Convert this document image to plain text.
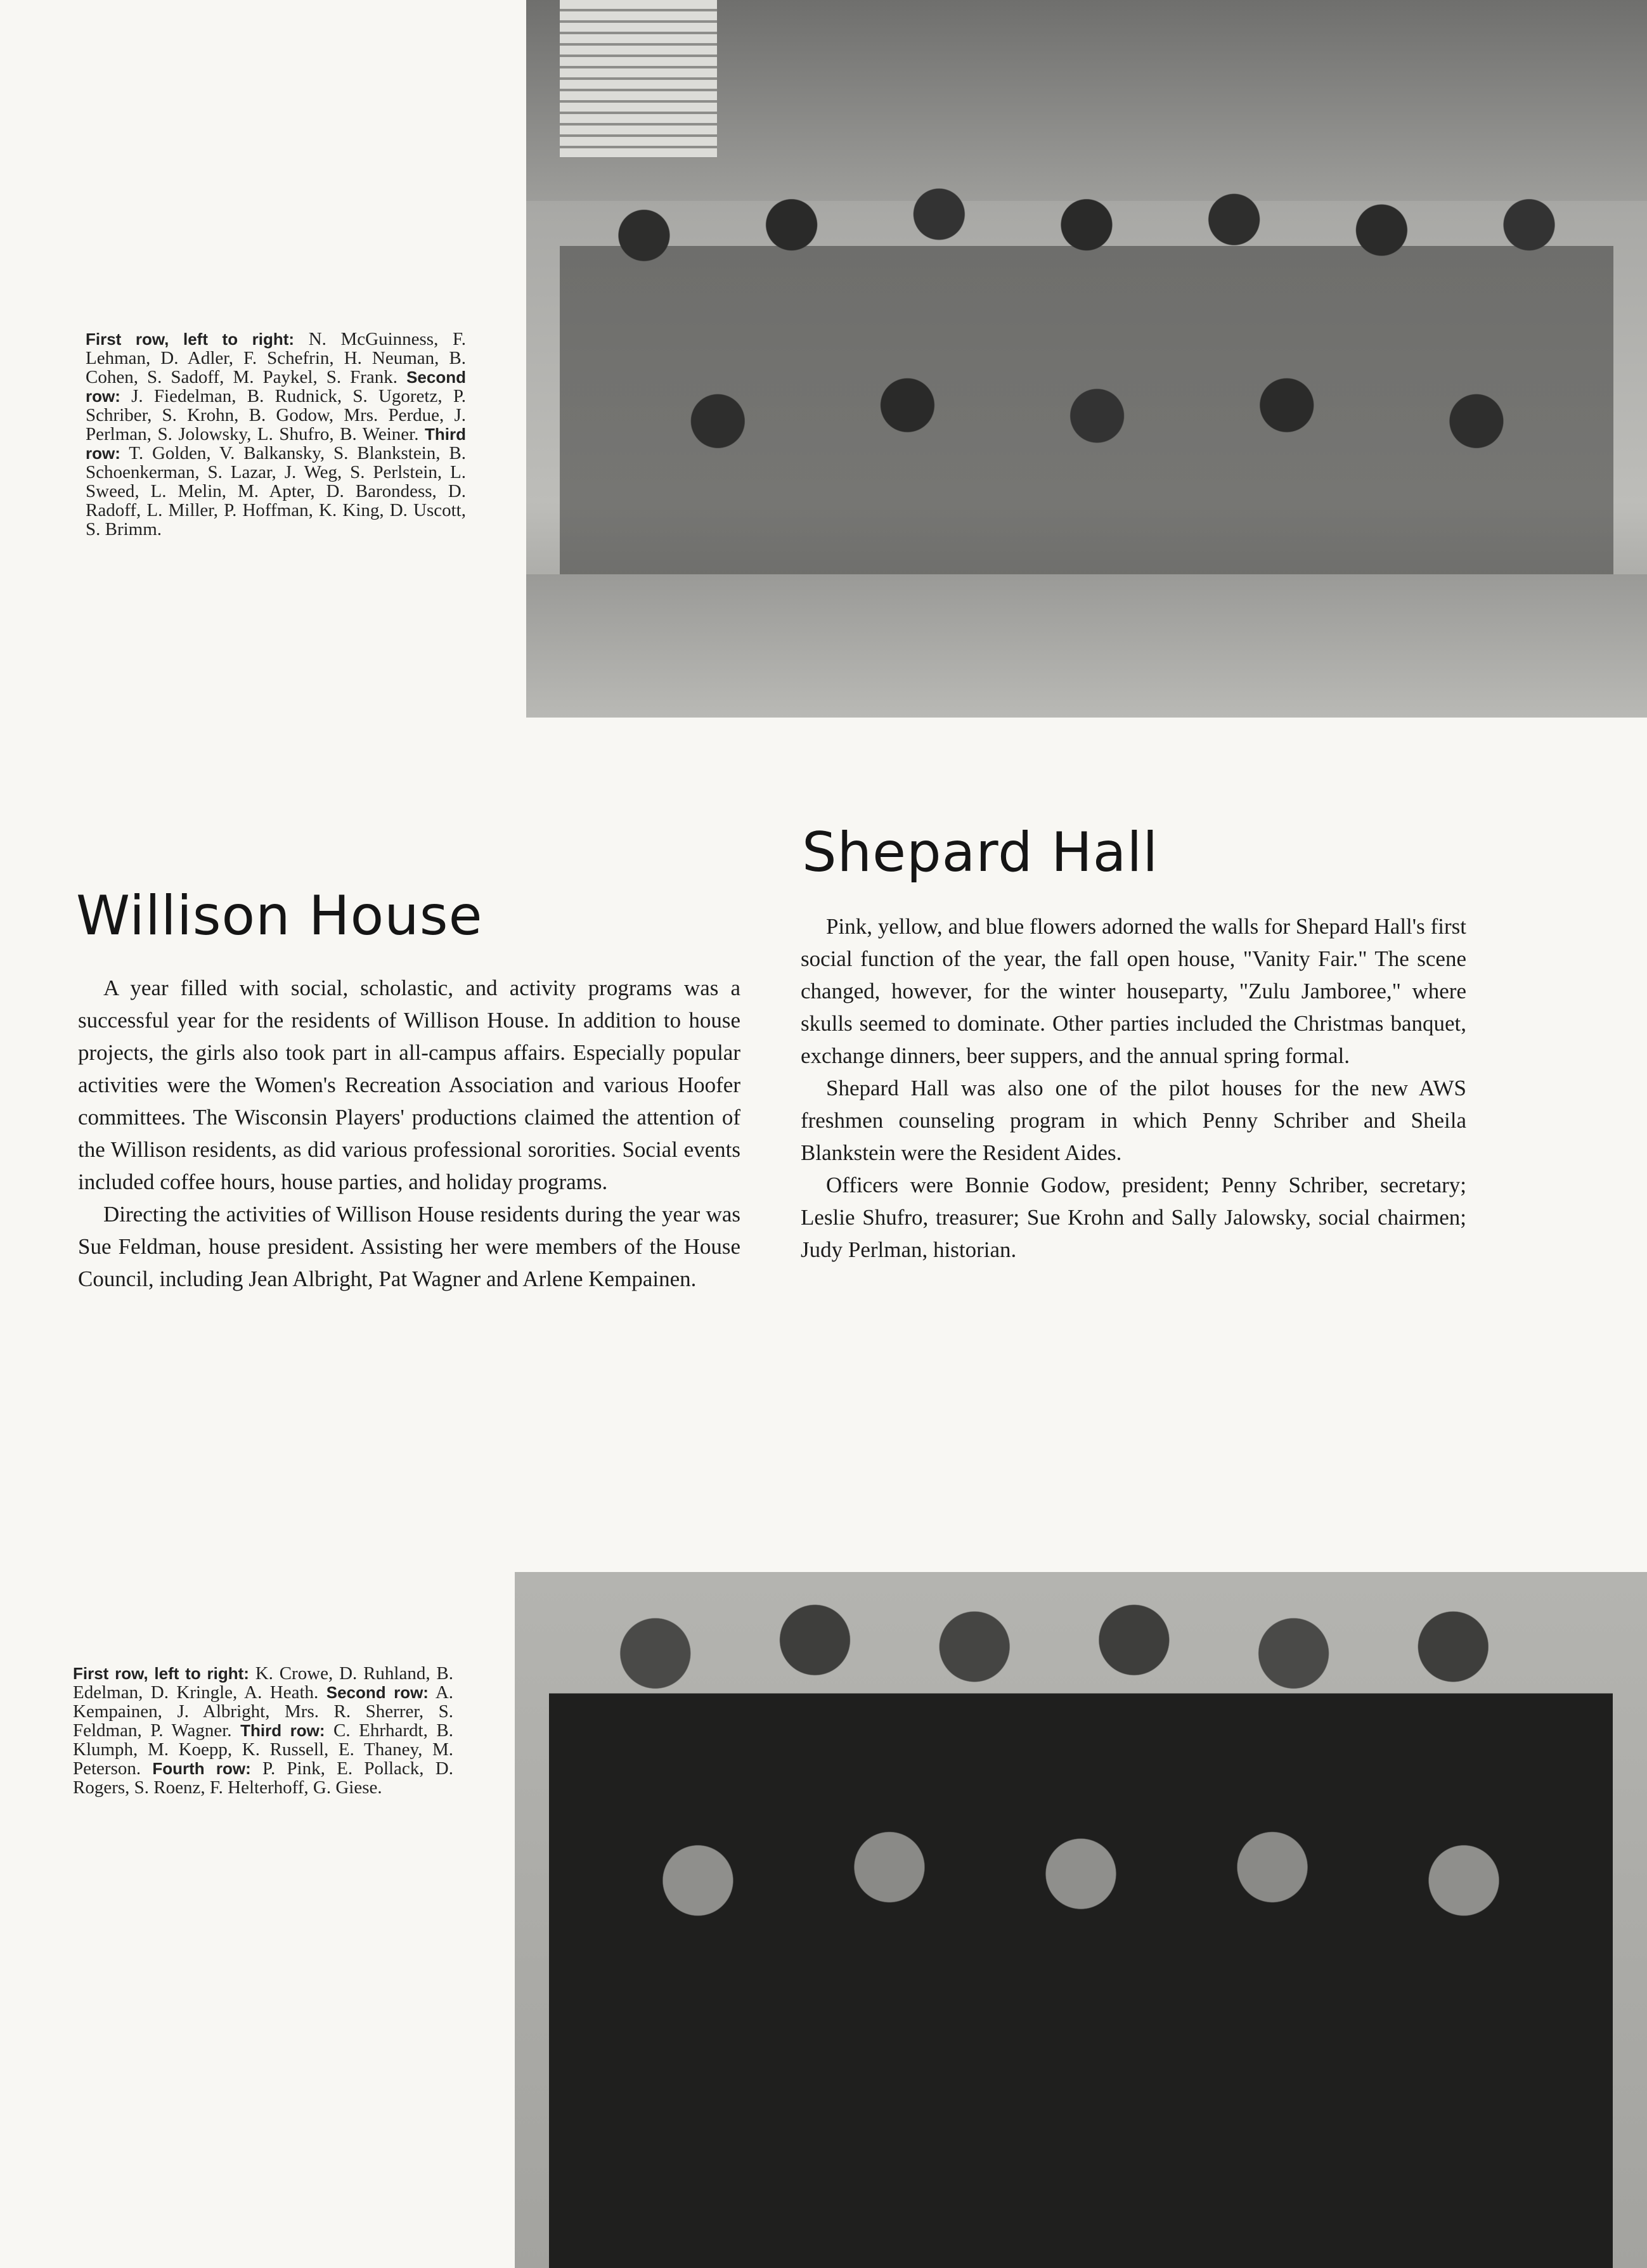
First row, left to right: N. McGuinness, F. Lehman, D. Adler, F. Schefrin, H. Neuman, B. Cohen, S. Sadoff, M. Paykel, S. Frank. Second row: J. Fiedelman, B. Rudnick, S. Ugoretz, P. Schriber, S. Krohn, B. Godow, Mrs. Perdue, J. Perlman, S. Jolowsky, L. Shufro, B. Weiner. Third row: T. Golden, V. Balkansky, S. Blankstein, B. Schoenkerman, S. Lazar, J. Weg, S. Perlstein, L. Sweed, L. Melin, M. Apter, D. Barondess, D. Radoff, L. Miller, P. Hoffman, K. King, D. Uscott, S. Brimm.
Shepard Hall

Pink, yellow, and blue flowers adorned the walls for Shepard Hall's first social function of the year, the fall open house, "Vanity Fair." The scene changed, however, for the winter houseparty, "Zulu Jamboree," where skulls seemed to dominate. Other parties included the Christmas banquet, exchange dinners, beer suppers, and the annual spring formal.

Shepard Hall was also one of the pilot houses for the new AWS freshmen counseling program in which Penny Schriber and Sheila Blankstein were the Resident Aides.

Officers were Bonnie Godow, president; Penny Schriber, secretary; Leslie Shufro, treasurer; Sue Krohn and Sally Jalowsky, social chairmen; Judy Perlman, historian.

Willison House

A year filled with social, scholastic, and activity programs was a successful year for the residents of Willison House. In addition to house projects, the girls also took part in all-campus affairs. Especially popular activities were the Women's Recreation Association and various Hoofer committees. The Wisconsin Players' productions claimed the attention of the Willison residents, as did various professional sororities. Social events included coffee hours, house parties, and holiday programs.

Directing the activities of Willison House residents during the year was Sue Feldman, house president. Assisting her were members of the House Council, including Jean Albright, Pat Wagner and Arlene Kempainen.

First row, left to right: K. Crowe, D. Ruhland, B. Edelman, D. Kringle, A. Heath. Second row: A. Kempainen, J. Albright, Mrs. R. Sherrer, S. Feldman, P. Wagner. Third row: C. Ehrhardt, B. Klumph, M. Koepp, K. Russell, E. Thaney, M. Peterson. Fourth row: P. Pink, E. Pollack, D. Rogers, S. Roenz, F. Helterhoff, G. Giese.
